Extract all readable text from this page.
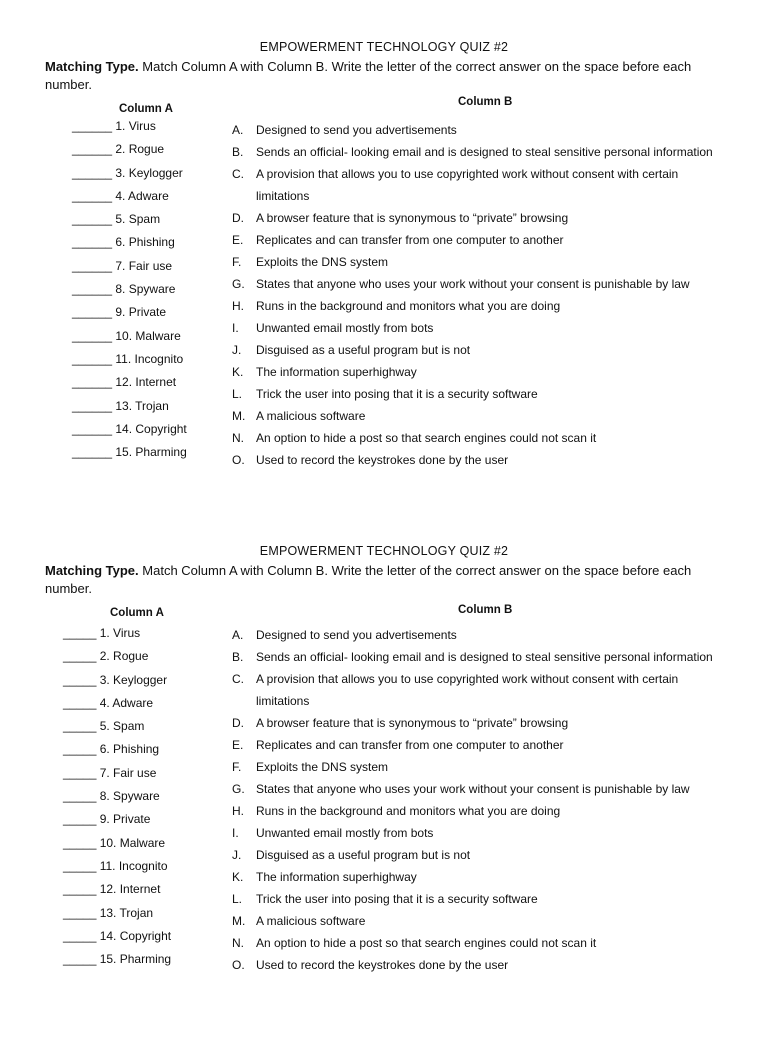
EMPOWERMENT TECHNOLOGY QUIZ #2
Matching Type. Match Column A with Column B. Write the letter of the correct answer on the space before each number.
Column A
Column B
______ 1. Virus
______ 2. Rogue
______ 3. Keylogger
______ 4. Adware
______ 5. Spam
______ 6. Phishing
______ 7. Fair use
______ 8. Spyware
______ 9. Private
______ 10. Malware
______ 11. Incognito
______ 12. Internet
______ 13. Trojan
______ 14. Copyright
______ 15. Pharming
A. Designed to send you advertisements
B. Sends an official- looking email and is designed to steal sensitive personal information
C. A provision that allows you to use copyrighted work without consent with certain
limitations
D. A browser feature that is synonymous to “private” browsing
E. Replicates and can transfer from one computer to another
F. Exploits the DNS system
G. States that anyone who uses your work without your consent is punishable by law
H. Runs in the background and monitors what you are doing
I. Unwanted email mostly from bots
J. Disguised as a useful program but is not
K. The information superhighway
L. Trick the user into posing that it is a security software
M. A malicious software
N. An option to hide a post so that search engines could not scan it
O. Used to record the keystrokes done by the user
EMPOWERMENT TECHNOLOGY QUIZ #2
Matching Type. Match Column A with Column B. Write the letter of the correct answer on the space before each number.
Column A	Column B
_____ 1. Virus
_____ 2. Rogue
_____ 3. Keylogger
_____ 4. Adware
_____ 5. Spam
_____ 6. Phishing
_____ 7. Fair use
_____ 8. Spyware
_____ 9. Private
_____ 10. Malware
_____ 11. Incognito
_____ 12. Internet
_____ 13. Trojan
_____ 14. Copyright
_____ 15. Pharming
A. Designed to send you advertisements
B. Sends an official- looking email and is designed to steal sensitive personal information
C. A provision that allows you to use copyrighted work without consent with certain
limitations
D. A browser feature that is synonymous to “private” browsing
E. Replicates and can transfer from one computer to another
F. Exploits the DNS system
G. States that anyone who uses your work without your consent is punishable by law
H. Runs in the background and monitors what you are doing
I. Unwanted email mostly from bots
J. Disguised as a useful program but is not
K. The information superhighway
L. Trick the user into posing that it is a security software
M. A malicious software
N. An option to hide a post so that search engines could not scan it
O. Used to record the keystrokes done by the user
